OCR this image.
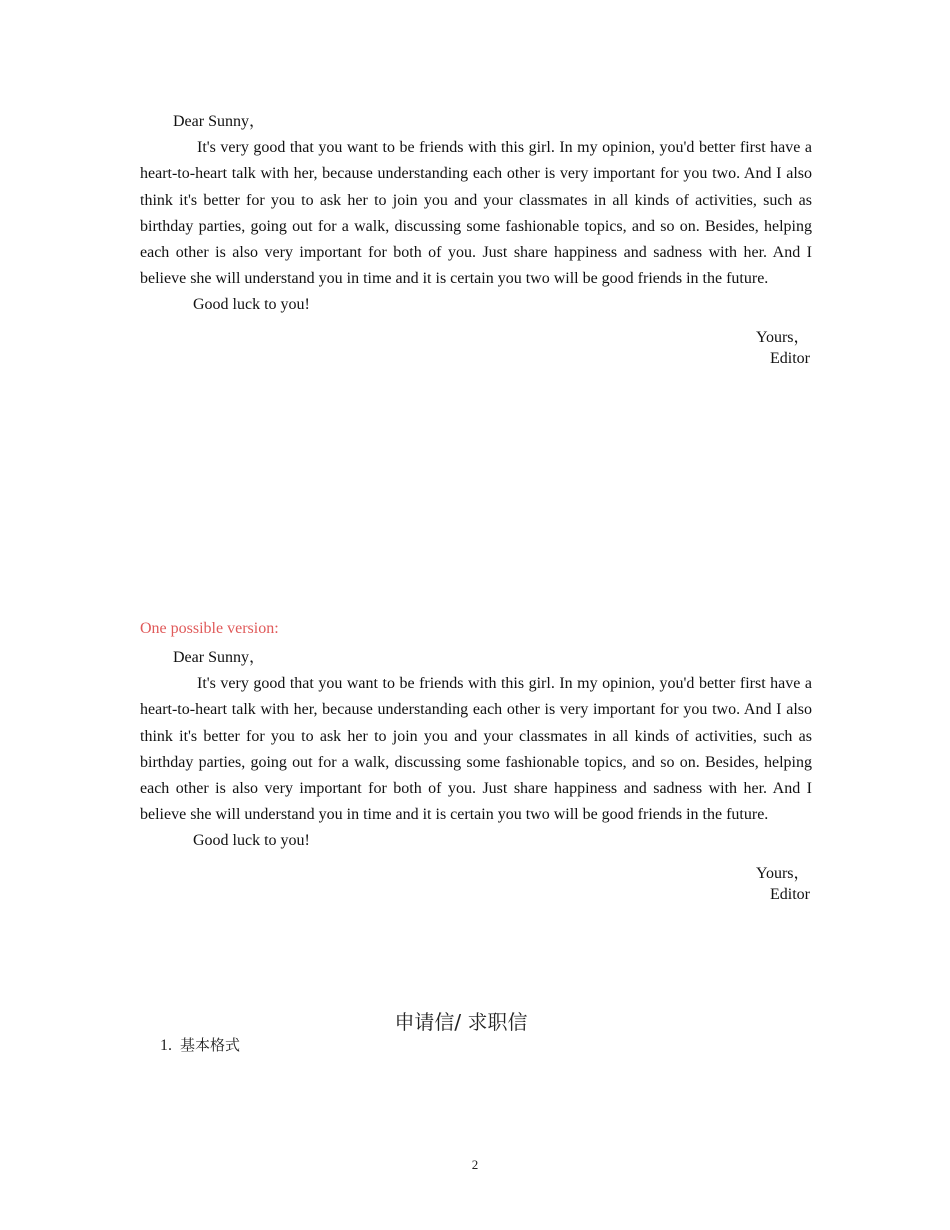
Dear Sunny，
It's very good that you want to be friends with this girl. In my opinion, you'd better first have a heart-to-heart talk with her, because understanding each other is very important for you two. And I also think it's better for you to ask her to join you and your classmates in all kinds of activities, such as birthday parties, going out for a walk, discussing some fashionable topics, and so on. Besides, helping each other is also very important for both of you. Just share happiness and sadness with her. And I believe she will understand you in time and it is certain you two will be good friends in the future.
Good luck to you!
Yours，
Editor
One possible version:
Dear Sunny，
It's very good that you want to be friends with this girl. In my opinion, you'd better first have a heart-to-heart talk with her, because understanding each other is very important for you two. And I also think it's better for you to ask her to join you and your classmates in all kinds of activities, such as birthday parties, going out for a walk, discussing some fashionable topics, and so on. Besides, helping each other is also very important for both of you. Just share happiness and sadness with her. And I believe she will understand you in time and it is certain you two will be good friends in the future.
Good luck to you!
Yours，
Editor
申请信/ 求职信
1. 基本格式
2
